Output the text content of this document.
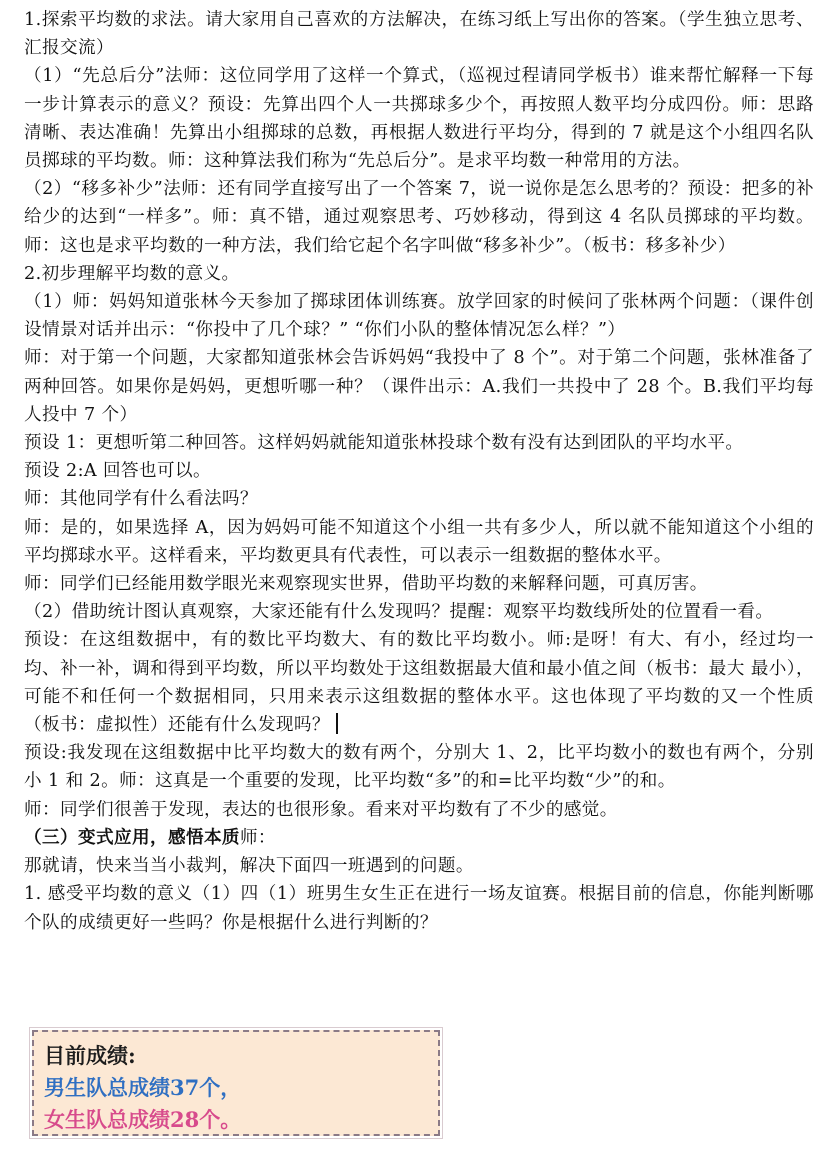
1.探索平均数的求法。请大家用自己喜欢的方法解决，在练习纸上写出你的答案。（学生独立思考、汇报交流）

（1）“先总后分”法师：这位同学用了这样一个算式，（巡视过程请同学板书）谁来帮忙解释一下每一步计算表示的意义？预设：先算出四个人一共掷球多少个，再按照人数平均分成四份。师：思路清晰、表达准确！先算出小组掷球的总数，再根据人数进行平均分，得到的 7 就是这个小组四名队员掷球的平均数。师：这种算法我们称为“先总后分”。是求平均数一种常用的方法。

（2）“移多补少”法师：还有同学直接写出了一个答案 7，说一说你是怎么思考的？预设：把多的补给少的达到“一样多”。师：真不错，通过观察思考、巧妙移动，得到这 4 名队员掷球的平均数。师：这也是求平均数的一种方法，我们给它起个名字叫做“移多补少”。（板书：移多补少）

2.初步理解平均数的意义。

（1）师：妈妈知道张林今天参加了掷球团体训练赛。放学回家的时候问了张林两个问题：（课件创设情景对话并出示：“你投中了几个球？” “你们小队的整体情况怎么样？”）

师：对于第一个问题，大家都知道张林会告诉妈妈“我投中了 8 个”。对于第二个问题，张林准备了两种回答。如果你是妈妈，更想听哪一种？（课件出示：A.我们一共投中了 28 个。B.我们平均每人投中 7 个）

预设 1：更想听第二种回答。这样妈妈就能知道张林投球个数有没有达到团队的平均水平。

预设 2:A 回答也可以。

师：其他同学有什么看法吗？

师：是的，如果选择 A，因为妈妈可能不知道这个小组一共有多少人，所以就不能知道这个小组的平均掷球水平。这样看来，平均数更具有代表性，可以表示一组数据的整体水平。

师：同学们已经能用数学眼光来观察现实世界，借助平均数的来解释问题，可真厉害。

（2）借助统计图认真观察，大家还能有什么发现吗？提醒：观察平均数线所处的位置看一看。

预设：在这组数据中，有的数比平均数大、有的数比平均数小。师:是呀！有大、有小，经过均一均、补一补，调和得到平均数，所以平均数处于这组数据最大值和最小值之间（板书：最大 最小），可能不和任何一个数据相同，只用来表示这组数据的整体水平。这也体现了平均数的又一个性质（板书：虚拟性）还能有什么发现吗？

预设:我发现在这组数据中比平均数大的数有两个，分别大 1、2，比平均数小的数也有两个，分别小 1 和 2。师：这真是一个重要的发现，比平均数“多”的和=比平均数“少”的和。

师：同学们很善于发现，表达的也很形象。看来对平均数有了不少的感觉。

（三）变式应用，感悟本质师：

那就请，快来当当小裁判，解决下面四一班遇到的问题。

1. 感受平均数的意义（1）四（1）班男生女生正在进行一场友谊赛。根据目前的信息，你能判断哪个队的成绩更好一些吗？你是根据什么进行判断的？

目前成绩:
男生队总成绩37个，
女生队总成绩28个。
